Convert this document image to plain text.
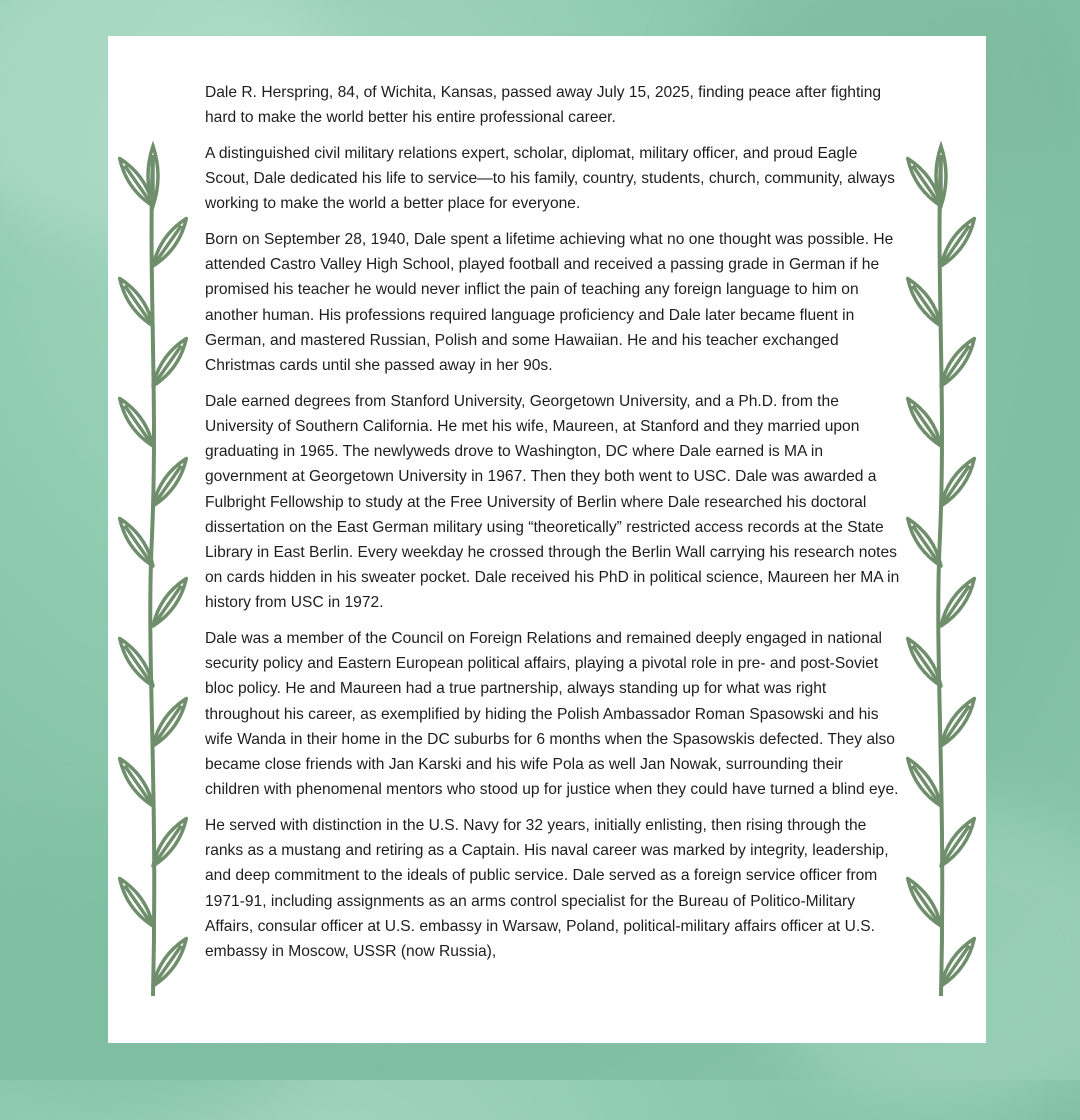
Dale R. Herspring, 84, of Wichita, Kansas, passed away July 15, 2025, finding peace after fighting hard to make the world better his entire professional career.

A distinguished civil military relations expert, scholar, diplomat, military officer, and proud Eagle Scout, Dale dedicated his life to service—to his family, country, students, church, community, always working to make the world a better place for everyone.

Born on September 28, 1940, Dale spent a lifetime achieving what no one thought was possible. He attended Castro Valley High School, played football and received a passing grade in German if he promised his teacher he would never inflict the pain of teaching any foreign language to him on another human. His professions required language proficiency and Dale later became fluent in German, and mastered Russian, Polish and some Hawaiian. He and his teacher exchanged Christmas cards until she passed away in her 90s.

Dale earned degrees from Stanford University, Georgetown University, and a Ph.D. from the University of Southern California. He met his wife, Maureen, at Stanford and they married upon graduating in 1965. The newlyweds drove to Washington, DC where Dale earned is MA in government at Georgetown University in 1967. Then they both went to USC. Dale was awarded a Fulbright Fellowship to study at the Free University of Berlin where Dale researched his doctoral dissertation on the East German military using “theoretically” restricted access records at the State Library in East Berlin. Every weekday he crossed through the Berlin Wall carrying his research notes on cards hidden in his sweater pocket. Dale received his PhD in political science, Maureen her MA in history from USC in 1972.

Dale was a member of the Council on Foreign Relations and remained deeply engaged in national security policy and Eastern European political affairs, playing a pivotal role in pre- and post-Soviet bloc policy. He and Maureen had a true partnership, always standing up for what was right throughout his career, as exemplified by hiding the Polish Ambassador Roman Spasowski and his wife Wanda in their home in the DC suburbs for 6 months when the Spasowskis defected. They also became close friends with Jan Karski and his wife Pola as well Jan Nowak, surrounding their children with phenomenal mentors who stood up for justice when they could have turned a blind eye.

He served with distinction in the U.S. Navy for 32 years, initially enlisting, then rising through the ranks as a mustang and retiring as a Captain. His naval career was marked by integrity, leadership, and deep commitment to the ideals of public service. Dale served as a foreign service officer from 1971-91, including assignments as an arms control specialist for the Bureau of Politico-Military Affairs, consular officer at U.S. embassy in Warsaw, Poland, political-military affairs officer at U.S. embassy in Moscow, USSR (now Russia),
